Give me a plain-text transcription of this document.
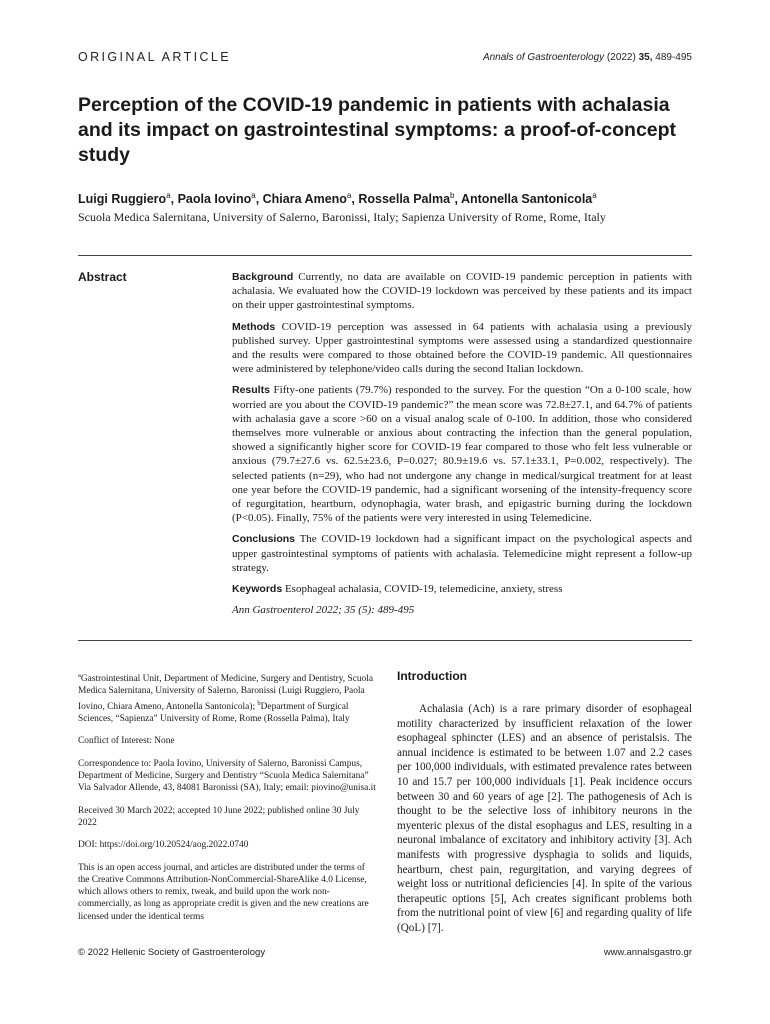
ORIGINAL ARTICLE	Annals of Gastroenterology (2022) 35, 489-495
Perception of the COVID-19 pandemic in patients with achalasia and its impact on gastrointestinal symptoms: a proof-of-concept study
Luigi Ruggiero$^a$, Paola Iovino$^a$, Chiara Ameno$^a$, Rossella Palma$^b$, Antonella Santonicola$^a$
Scuola Medica Salernitana, University of Salerno, Baronissi, Italy; Sapienza University of Rome, Rome, Italy
Abstract	Background Currently, no data are available on COVID-19 pandemic perception in patients with achalasia. We evaluated how the COVID-19 lockdown was perceived by these patients and its impact on their upper gastrointestinal symptoms.

Methods COVID-19 perception was assessed in 64 patients with achalasia using a previously published survey. Upper gastrointestinal symptoms were assessed using a standardized questionnaire and the results were compared to those obtained before the COVID-19 pandemic. All questionnaires were administered by telephone/video calls during the second Italian lockdown.

Results Fifty-one patients (79.7%) responded to the survey. For the question “On a 0-100 scale, how worried are you about the COVID-19 pandemic?” the mean score was 72.8±27.1, and 64.7% of patients with achalasia gave a score >60 on a visual analog scale of 0-100. In addition, those who considered themselves more vulnerable or anxious about contracting the infection than the general population, showed a significantly higher score for COVID-19 fear compared to those who felt less vulnerable or anxious (79.7±27.6 vs. 62.5±23.6, P=0.027; 80.9±19.6 vs. 57.1±33.1, P=0.002, respectively). The selected patients (n=29), who had not undergone any change in medical/surgical treatment for at least one year before the COVID-19 pandemic, had a significant worsening of the intensity-frequency score of regurgitation, heartburn, odynophagia, water brash, and epigastric burning during the lockdown (P<0.05). Finally, 75% of the patients were very interested in using Telemedicine.

Conclusions The COVID-19 lockdown had a significant impact on the psychological aspects and upper gastrointestinal symptoms of patients with achalasia. Telemedicine might represent a follow-up strategy.

Keywords Esophageal achalasia, COVID-19, telemedicine, anxiety, stress

Ann Gastroenterol 2022; 35 (5): 489-495

$^a$Gastrointestinal Unit, Department of Medicine, Surgery and Dentistry, Scuola Medica Salernitana, University of Salerno, Baronissi (Luigi Ruggiero, Paola Iovino, Chiara Ameno, Antonella Santonicola); $^b$Department of Surgical Sciences, “Sapienza” University of Rome, Rome (Rossella Palma), Italy

Conflict of Interest: None

Correspondence to: Paola Iovino, University of Salerno, Baronissi Campus, Department of Medicine, Surgery and Dentistry “Scuola Medica Salernitana” Via Salvador Allende, 43, 84081 Baronissi (SA), Italy; email: piovino@unisa.it

Received 30 March 2022; accepted 10 June 2022; published online 30 July 2022

DOI: https://doi.org/10.20524/aog.2022.0740

This is an open access journal, and articles are distributed under the terms of the Creative Commons Attribution-NonCommercial-ShareAlike 4.0 License, which allows others to remix, tweak, and build upon the work non-commercially, as long as appropriate credit is given and the new creations are licensed under the identical terms

Introduction
Achalasia (Ach) is a rare primary disorder of esophageal motility characterized by insufficient relaxation of the lower esophageal sphincter (LES) and an absence of peristalsis. The annual incidence is estimated to be between 1.07 and 2.2 cases per 100,000 individuals, with estimated prevalence rates between 10 and 15.7 per 100,000 individuals [1]. Peak incidence occurs between 30 and 60 years of age [2]. The pathogenesis of Ach is thought to be the selective loss of inhibitory neurons in the myenteric plexus of the distal esophagus and LES, resulting in a neuronal imbalance of excitatory and inhibitory activity [3]. Ach manifests with progressive dysphagia to solids and liquids, heartburn, chest pain, regurgitation, and varying degrees of weight loss or nutritional deficiencies [4]. In spite of the various therapeutic options [5], Ach creates significant problems both from the nutritional point of view [6] and regarding quality of life (QoL) [7].
© 2022 Hellenic Society of Gastroenterology	www.annalsgastro.gr
